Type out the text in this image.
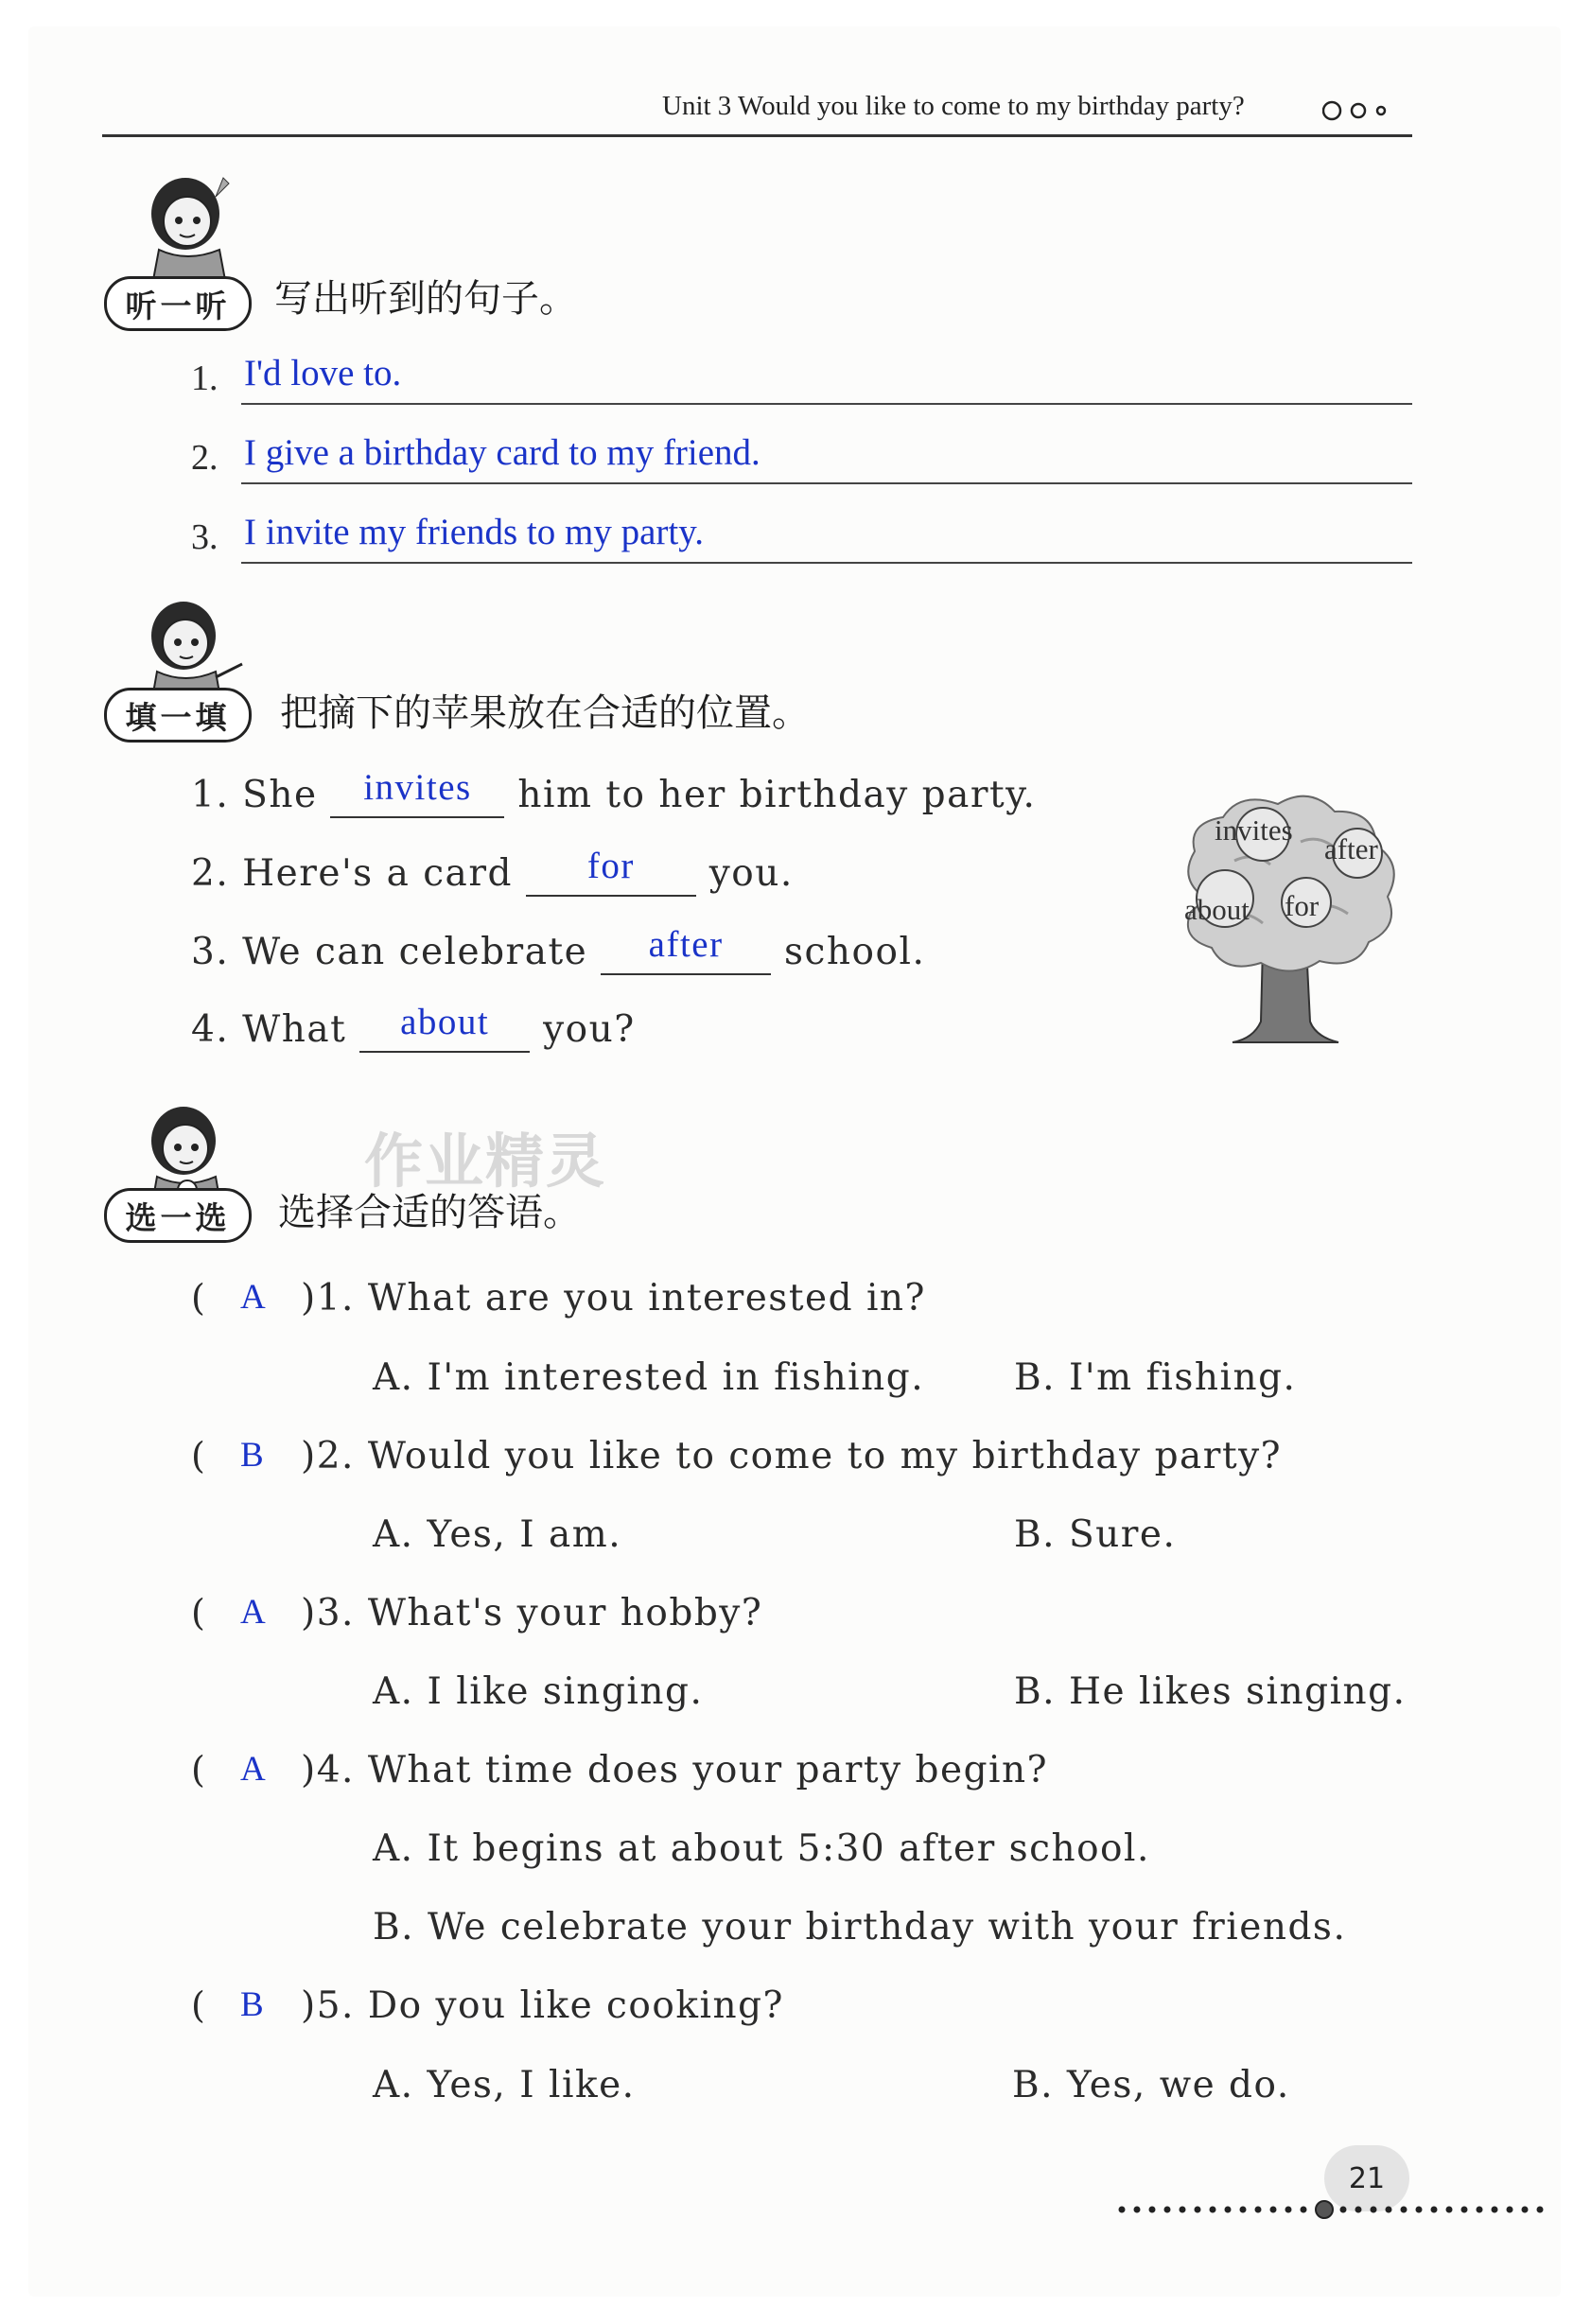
Unit 3 Would you like to come to my birthday party?
听一听	写出听到的句子。
1. I'd love to.
2. I give a birthday card to my friend.
3. I invite my friends to my party.
填一填	把摘下的苹果放在合适的位置。
1. She invites him to her birthday party.
2. Here's a card for you.
3. We can celebrate after school.
4. What about you?
invites
after
about for
作业精灵
选一选	选择合适的答语。
( A )1. What are you interested in?
A. I'm interested in fishing. B. I'm fishing.
( B )2. Would you like to come to my birthday party?
A. Yes, I am.	B. Sure.
( A )3. What's your hobby?
A. I like singing.	B. He likes singing.
( A )4. What time does your party begin?
A. It begins at about 5:30 after school.
B. We celebrate your birthday with your friends.
( B )5. Do you like cooking?
A. Yes, I like.	B. Yes, we do.
21
